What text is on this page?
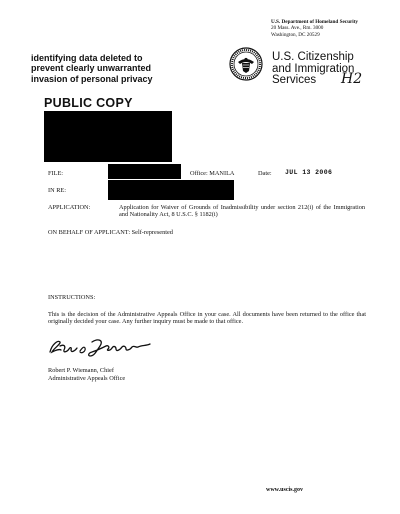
U.S. Department of Homeland Security
20 Mass. Ave., Rm. 3000
Washington, DC 20529
U.S. Citizenship
and Immigration
Services	H2
identifying data deleted to
prevent clearly unwarranted
invasion of personal privacy
PUBLIC COPY
FILE:	Office: MANILA	Date: JUL 13 2006
IN RE:
APPLICATION:	Application for Waiver of Grounds of Inadmissibility under section 212(i) of the Immigration and Nationality Act, 8 U.S.C. § 1182(i)
ON BEHALF OF APPLICANT: Self-represented
INSTRUCTIONS:
This is the decision of the Administrative Appeals Office in your case. All documents have been returned to the office that originally decided your case. Any further inquiry must be made to that office.
Robert P. Wiemann, Chief
Administrative Appeals Office
www.uscis.gov
